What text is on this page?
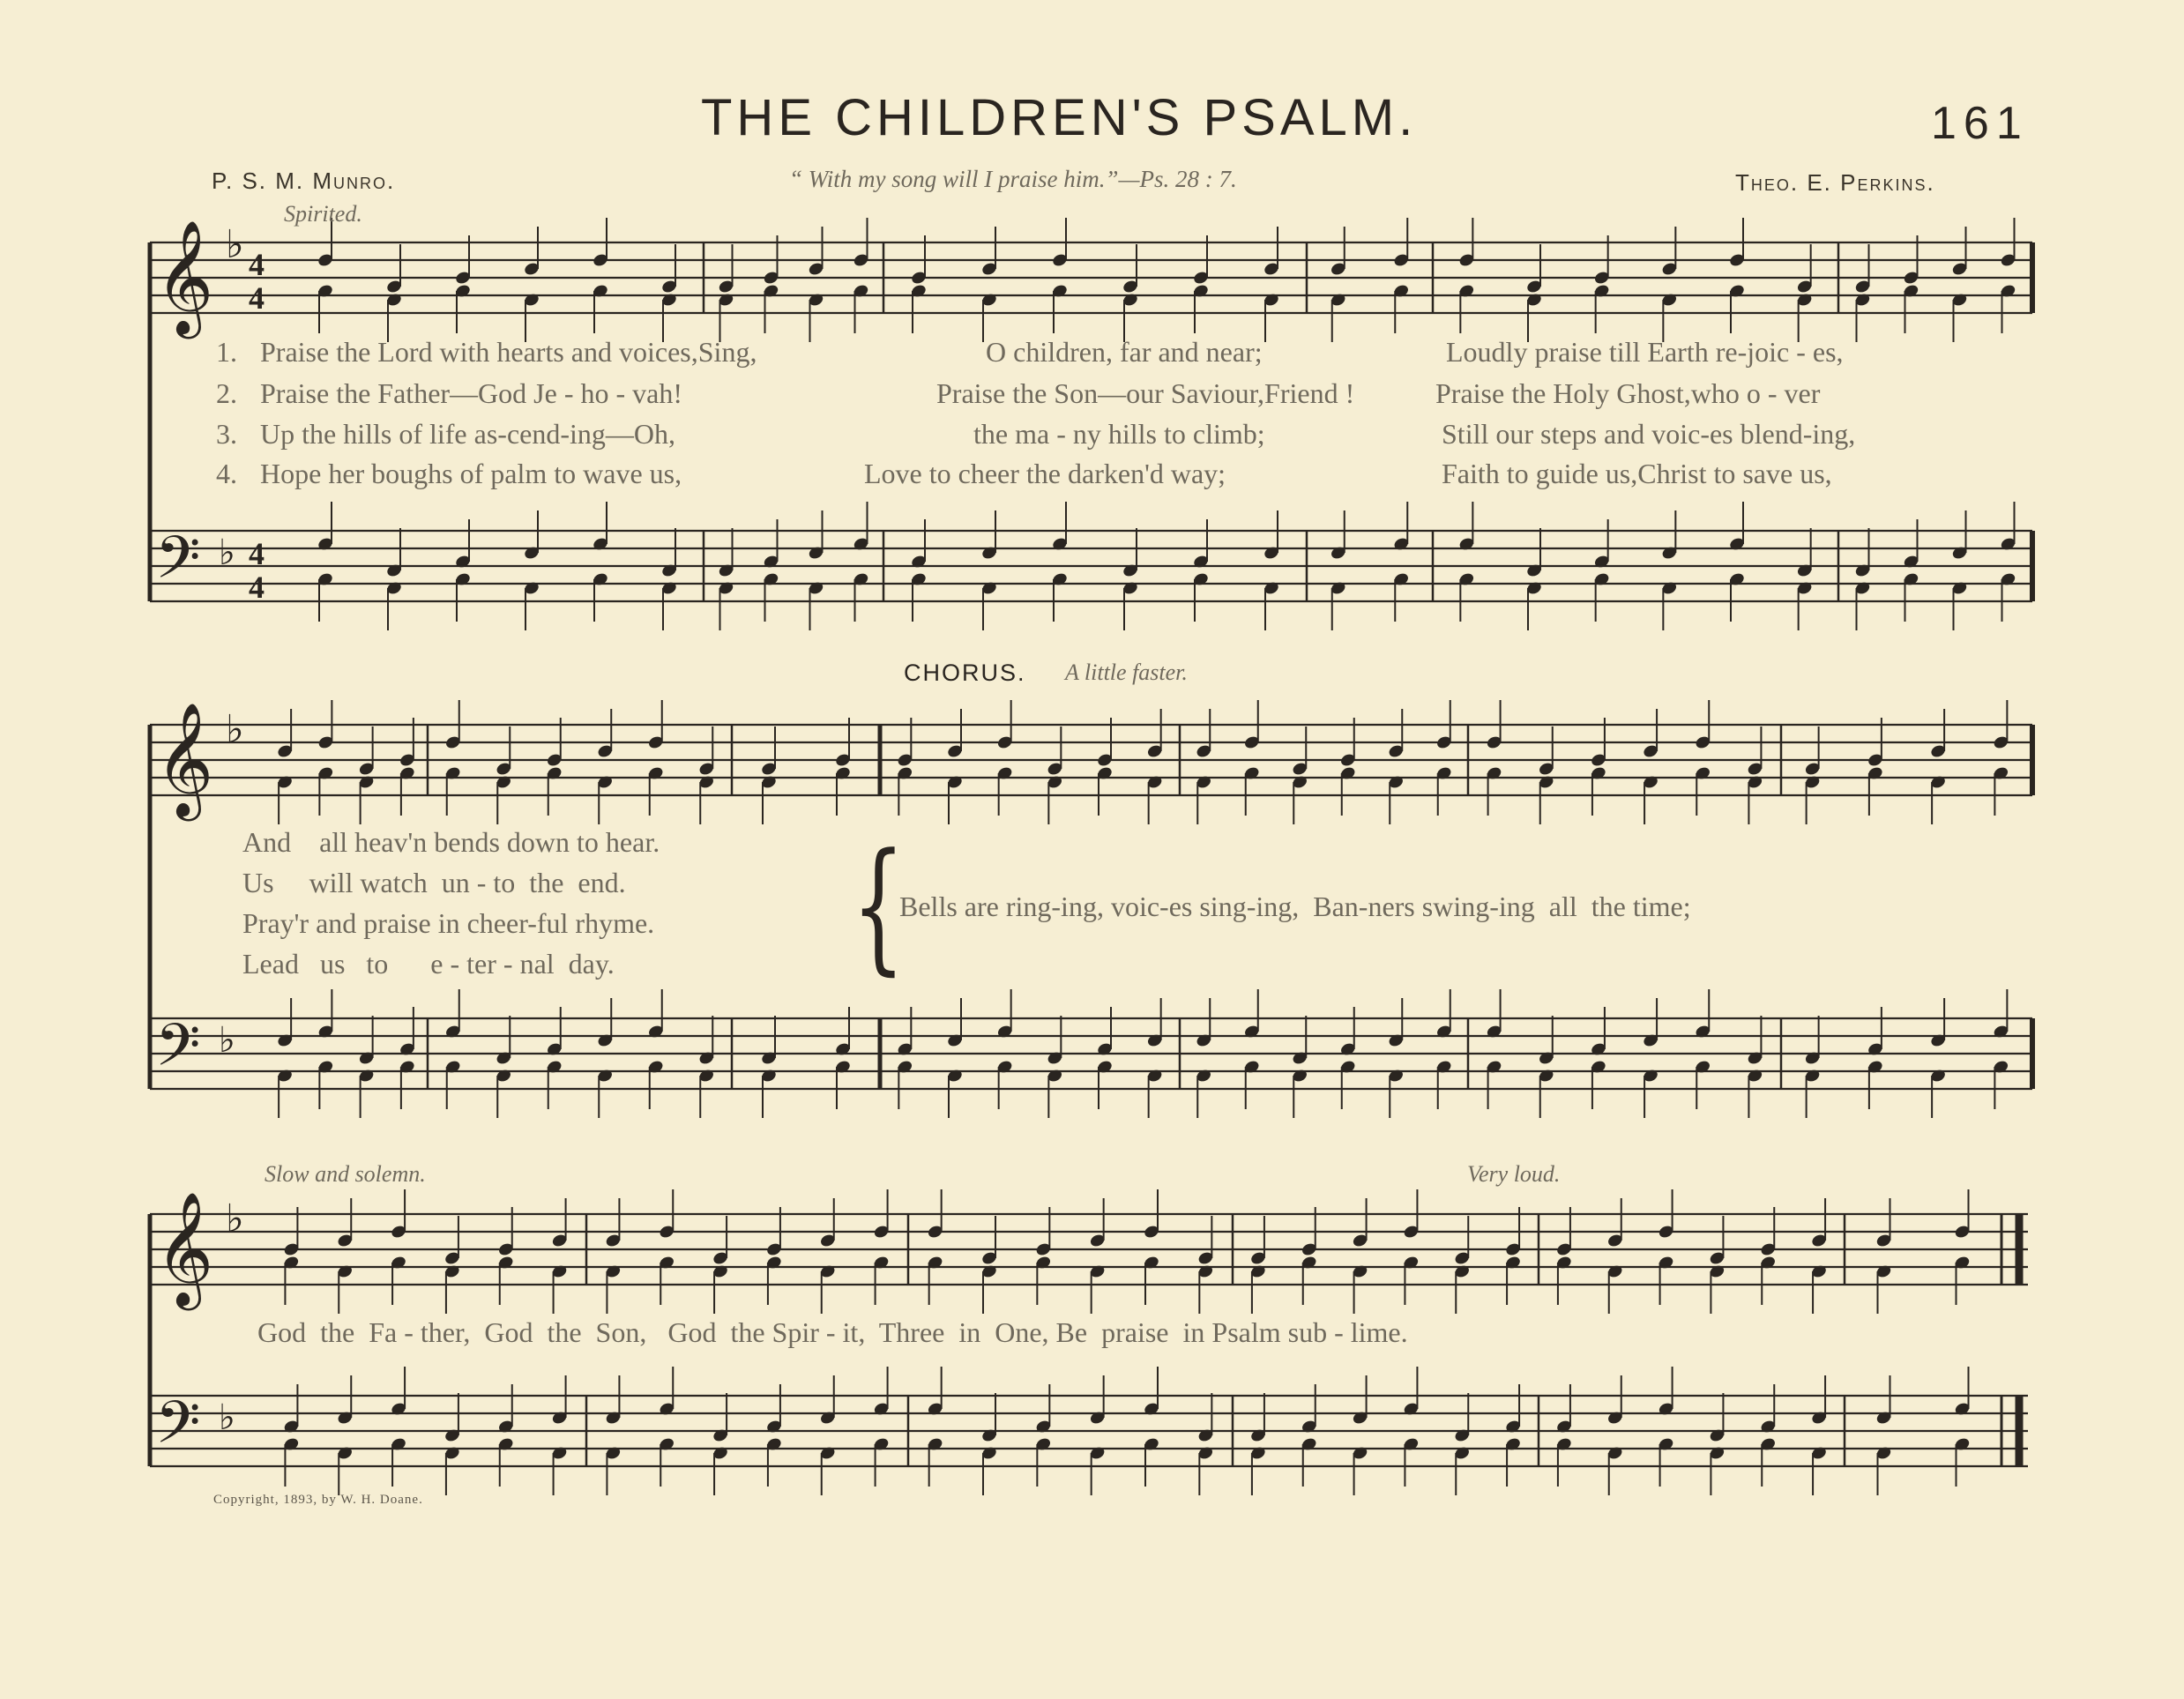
THE CHILDREN'S PSALM.	161
P. S. M. Munro.	“ With my song will I praise him.”—Ps. 28 : 7.	Theo. E. Perkins.
𝄞
𝄢
𝄞
𝄢
𝄞
𝄢
♭
♭
♭
♭
♭
♭
4
4
4
4
Spirited.
1. Praise the Lord with hearts and voices,Sing,	O children, far and near;	Loudly praise till Earth re-joic - es,
2. Praise the Father—God Je - ho - vah!	Praise the Son—our Saviour,Friend !	Praise the Holy Ghost,who o - ver
3. Up the hills of life as-cend-ing—Oh,	the ma - ny hills to climb;	Still our steps and voic-es blend-ing,
4. Hope her boughs of palm to wave us,	Love to cheer the darken'd way;	Faith to guide us,Christ to save us,
CHORUS. A little faster.
And    all heav'n bends down to hear.
Us     will watch  un - to  the  end.
Pray'r and praise in cheer-ful rhyme.
Lead   us   to      e - ter - nal  day.	{
Bells are ring-ing, voic-es sing-ing,  Ban-ners swing-ing  all  the time;
Slow and solemn.	Very loud.
God  the  Fa - ther,  God  the  Son,   God  the Spir - it,  Three  in  One, Be  praise  in Psalm sub - lime.
Copyright, 1893, by W. H. Doane.
